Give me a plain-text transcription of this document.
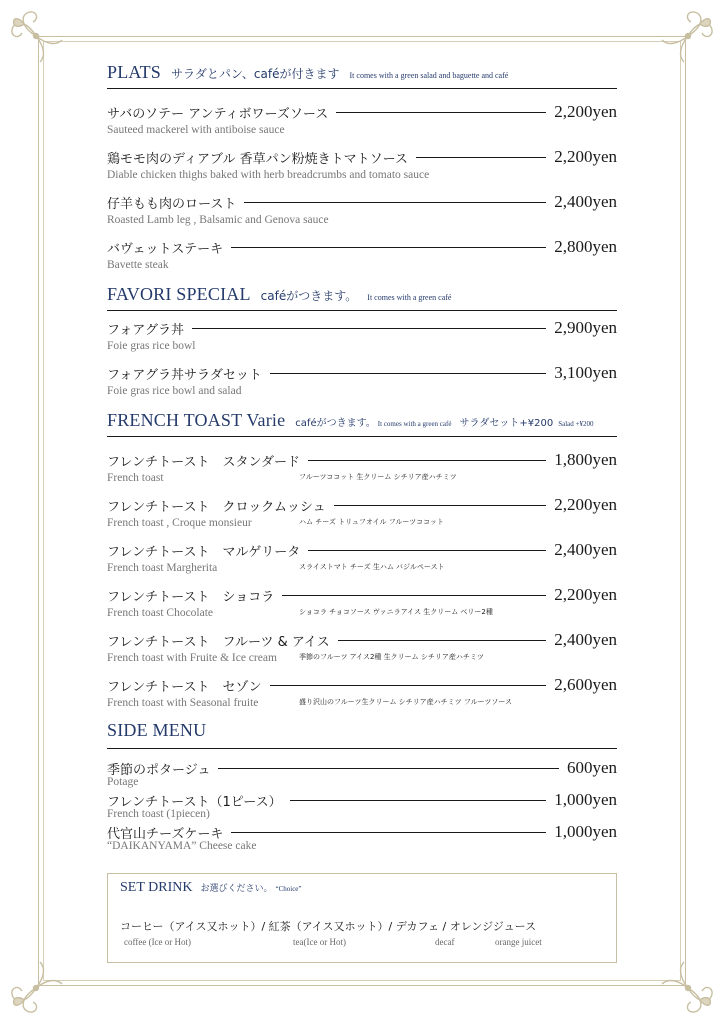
PLATS サラダとパン、caféが付きます It comes with a green salad and baguette and café
サバのソテー アンティボワーズソース	2,200yen
Sauteed mackerel with antiboise sauce
鶏モモ肉のディアブル 香草パン粉焼きトマトソース	2,200yen
Diable chicken thighs baked with herb breadcrumbs and tomato sauce
仔羊もも肉のロースト	2,400yen
Roasted Lamb leg , Balsamic and Genova sauce
バヴェットステーキ	2,800yen
Bavette steak
FAVORI SPECIAL caféがつきます。 It comes with a green café
フォアグラ丼	2,900yen
Foie gras rice bowl
フォアグラ丼サラダセット	3,100yen
Foie gras rice bowl and salad
FRENCH TOAST Varie caféがつきます。 It comes with a green café サラダセット+¥200 Salad +¥200
フレンチトースト　スタンダード	1,800yen
French toast	フルーツココット 生クリーム シチリア産ハチミツ
フレンチトースト　クロックムッシュ	2,200yen
French toast , Croque monsieur	ハム チーズ トリュフオイル フルーツココット
フレンチトースト　マルゲリータ	2,400yen
French toast Margherita	スライストマト チーズ 生ハム バジルペースト
フレンチトースト　ショコラ	2,200yen
French toast Chocolate	ショコラ チョコソース ヴァニラアイス 生クリーム ベリー2種
フレンチトースト　フルーツ & アイス	2,400yen
French toast with Fruite & Ice cream	季節のフルーツ アイス2種 生クリーム シチリア産ハチミツ
フレンチトースト　セゾン	2,600yen
French toast with Seasonal fruite	盛り沢山のフルーツ生クリーム シチリア産ハチミツ フルーツソース
SIDE MENU
季節のポタージュ	600yen
Potage
フレンチトースト（1ピース）	1,000yen
French toast (1piecen)
代官山チーズケーキ	1,000yen
“DAIKANYAMA” Cheese cake
SET DRINK お選びください。 “Choice”
コーヒー（アイス又ホット）/ 紅茶（アイス又ホット）/ デカフェ / オレンジジュース
coffee (Ice or Hot)	tea(Ice or Hot)	decaf	orange juicet
